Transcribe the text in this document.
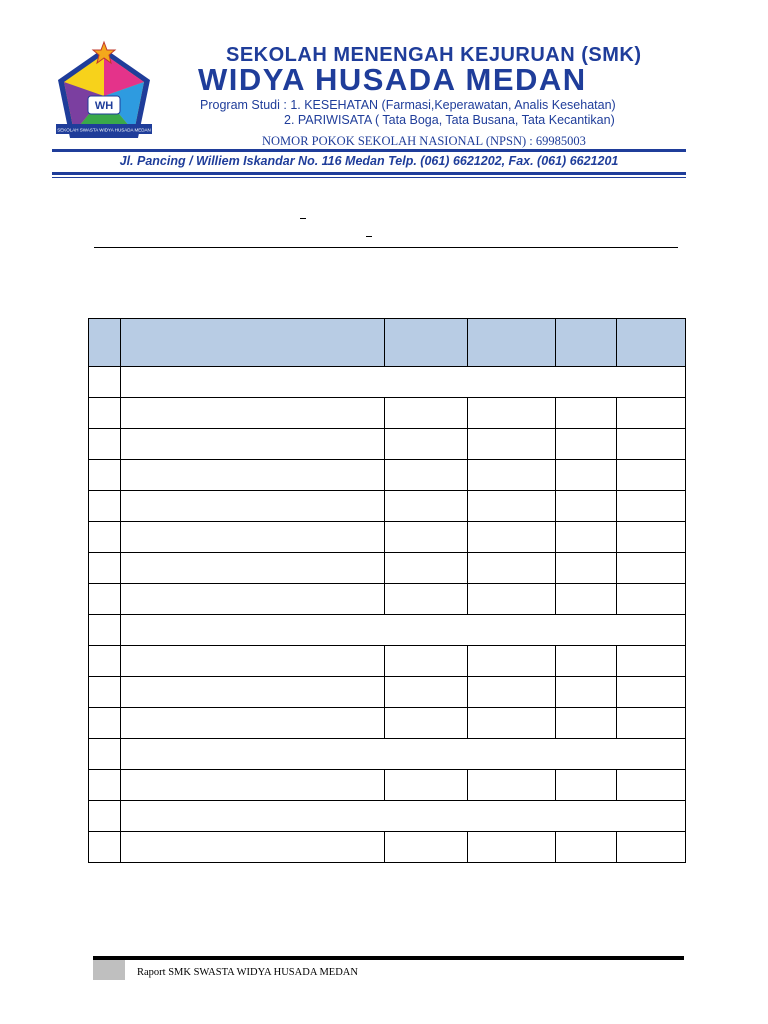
WH
SEKOLAH SWASTA WIDYA HUSADA MEDAN
SEKOLAH MENENGAH KEJURUAN (SMK)
WIDYA HUSADA MEDAN
Program Studi : 1. KESEHATAN (Farmasi,Keperawatan, Analis Kesehatan)
2. PARIWISATA ( Tata Boga, Tata Busana, Tata Kecantikan)
NOMOR POKOK SEKOLAH NASIONAL (NPSN) : 69985003
Jl. Pancing / Williem Iskandar No. 116 Medan Telp. (061) 6621202, Fax. (061) 6621201

Raport SMK SWASTA WIDYA HUSADA MEDAN
